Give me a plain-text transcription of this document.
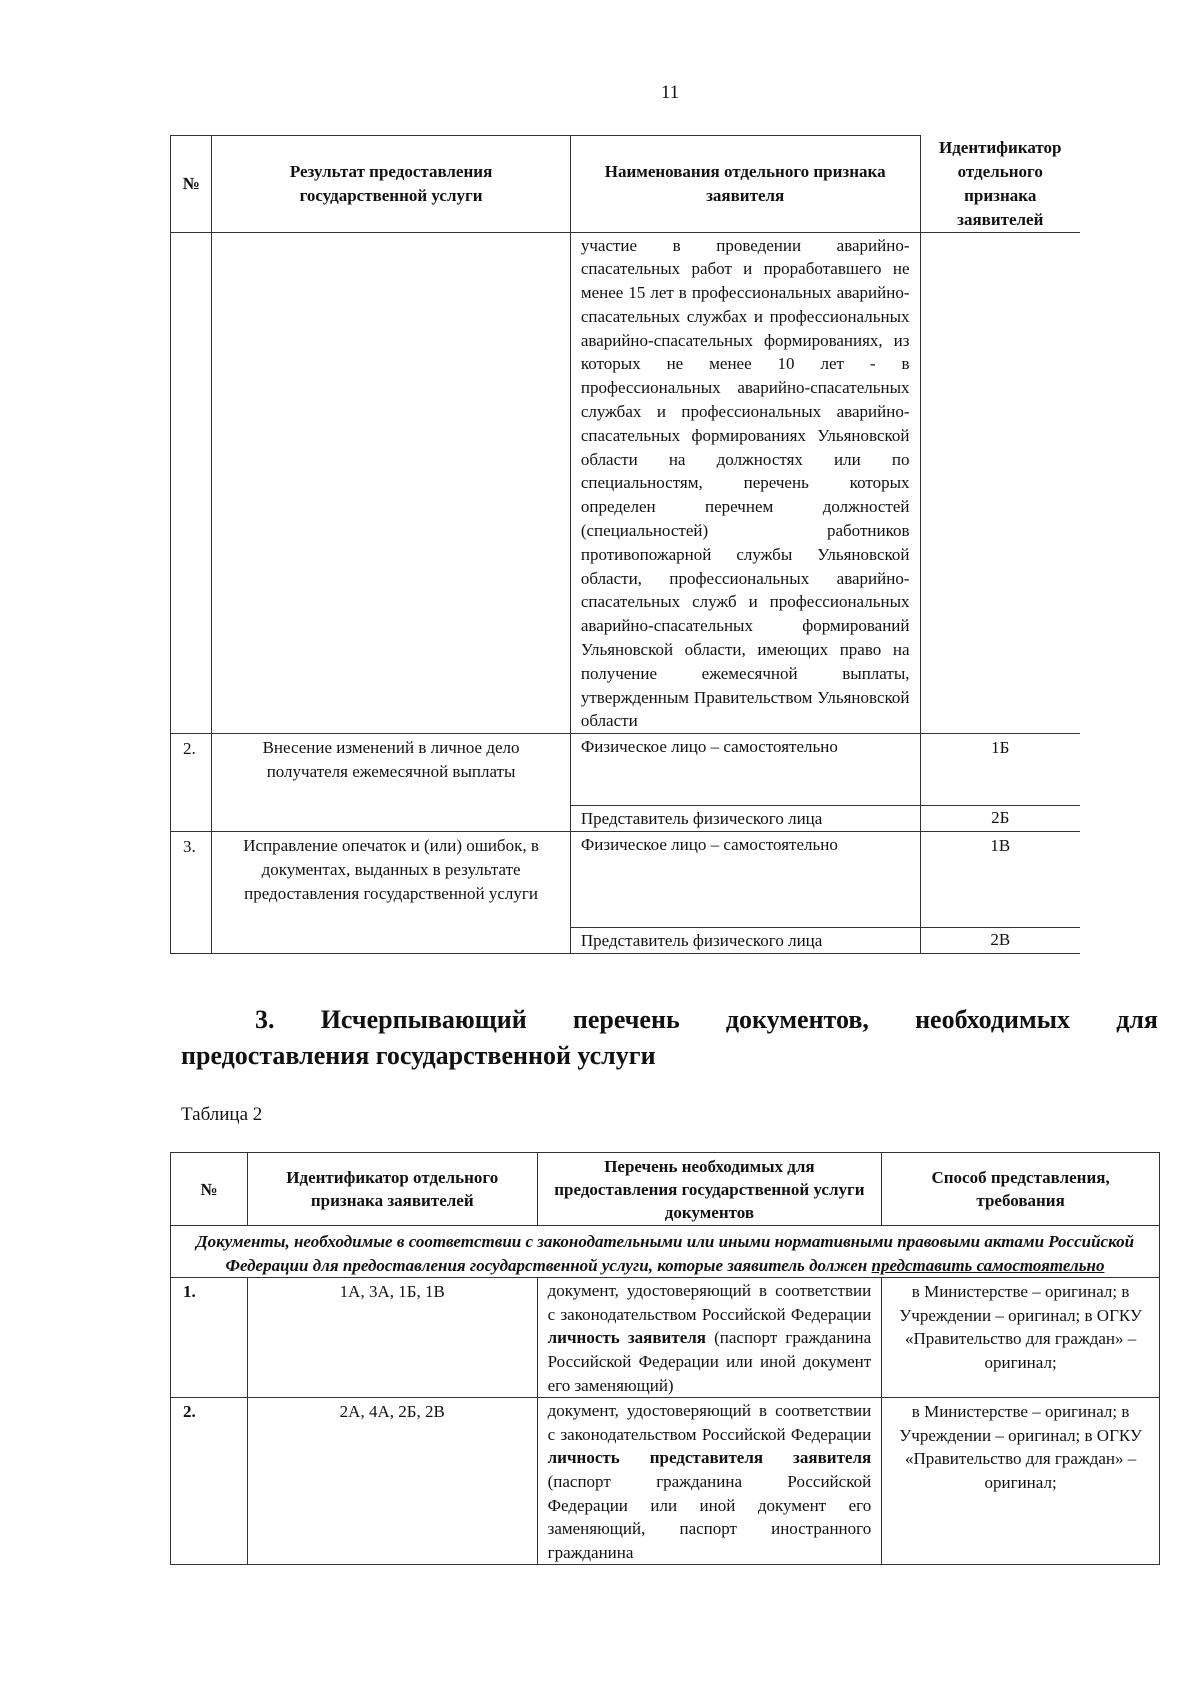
11
№	Результат предоставления государственной услуги	Наименования отдельного признака заявителя	Идентификатор отдельного признака заявителей
		участие в проведении аварийно-спасательных работ и проработавшего не менее 15 лет в профессиональных аварийно-спасательных службах и профессиональных аварийно-спасательных формированиях, из которых не менее 10 лет - в профессиональных аварийно-спасательных службах и профессиональных аварийно-спасательных формированиях Ульяновской области на должностях или по специальностям, перечень которых определен перечнем должностей (специальностей) работников противопожарной службы Ульяновской области, профессиональных аварийно-спасательных служб и профессиональных аварийно-спасательных формирований Ульяновской области, имеющих право на получение ежемесячной выплаты, утвержденным Правительством Ульяновской области	
2.	Внесение изменений в личное дело получателя ежемесячной выплаты	Физическое лицо – самостоятельно	1Б
		Представитель физического лица	2Б
3.	Исправление опечаток и (или) ошибок, в документах, выданных в результате предоставления государственной услуги	Физическое лицо – самостоятельно	1В
		Представитель физического лица	2В
3. Исчерпывающий перечень документов, необходимых для
предоставления государственной услуги
Таблица 2
№	Идентификатор отдельного признака заявителей	Перечень необходимых для предоставления государственной услуги документов	Способ представления, требования
Документы, необходимые в соответствии с законодательными или иными нормативными правовыми актами Российской Федерации для предоставления государственной услуги, которые заявитель должен представить самостоятельно			
1.	1А, 3А, 1Б, 1В	документ, удостоверяющий в соответствии с законодательством Российской Федерации личность заявителя (паспорт гражданина Российской Федерации или иной документ его заменяющий)	в Министерстве – оригинал; в Учреждении – оригинал; в ОГКУ «Правительство для граждан» – оригинал;
2.	2А, 4А, 2Б, 2В	документ, удостоверяющий в соответствии с законодательством Российской Федерации личность представителя заявителя (паспорт гражданина Российской Федерации или иной документ его заменяющий, паспорт иностранного гражданина	в Министерстве – оригинал; в Учреждении – оригинал; в ОГКУ «Правительство для граждан» – оригинал;
